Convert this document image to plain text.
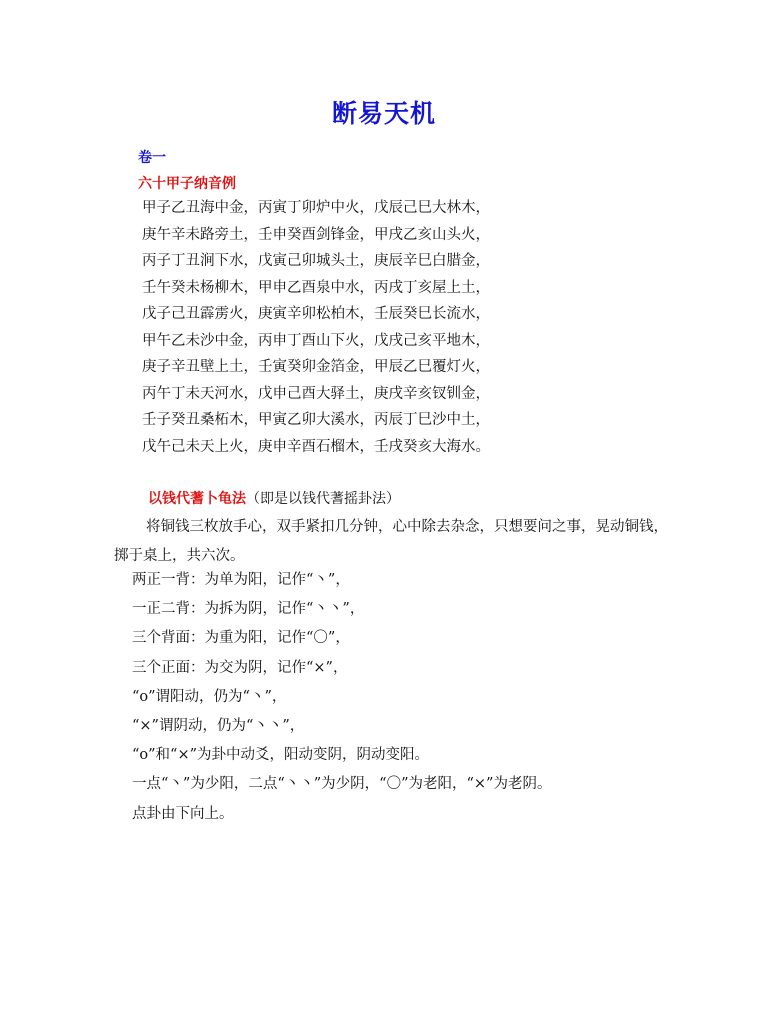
断易天机
卷一
六十甲子纳音例
甲子乙丑海中金，丙寅丁卯炉中火，戊辰己巳大林木，
庚午辛未路旁土，壬申癸酉剑锋金，甲戌乙亥山头火，
丙子丁丑涧下水，戊寅己卯城头土，庚辰辛巳白腊金，
壬午癸未杨柳木，甲申乙酉泉中水，丙戌丁亥屋上土，
戊子己丑霹雳火，庚寅辛卯松柏木，壬辰癸巳长流水，
甲午乙未沙中金，丙申丁酉山下火，戊戌己亥平地木，
庚子辛丑壁上土，壬寅癸卯金箔金，甲辰乙巳覆灯火，
丙午丁未天河水，戊申己酉大驿土，庚戌辛亥钗钏金，
壬子癸丑桑柘木，甲寅乙卯大溪水，丙辰丁巳沙中土，
戊午己未天上火，庚申辛酉石榴木，壬戌癸亥大海水。
以钱代蓍卜龟法（即是以钱代蓍摇卦法）

将铜钱三枚放手心，双手紧扣几分钟，心中除去杂念，只想要问之事，晃动铜钱，掷于桌上，共六次。

两正一背：为单为阳，记作“丶”，
一正二背：为拆为阴，记作“丶丶”，
三个背面：为重为阳，记作“〇”，
三个正面：为交为阴，记作“×”，
“o”谓阳动，仍为“丶”，
“×”谓阴动，仍为“丶丶”，
“o”和“×”为卦中动爻，阳动变阴，阴动变阳。
一点“丶”为少阳，二点“丶丶”为少阴，“〇”为老阳，“×”为老阴。
点卦由下向上。
